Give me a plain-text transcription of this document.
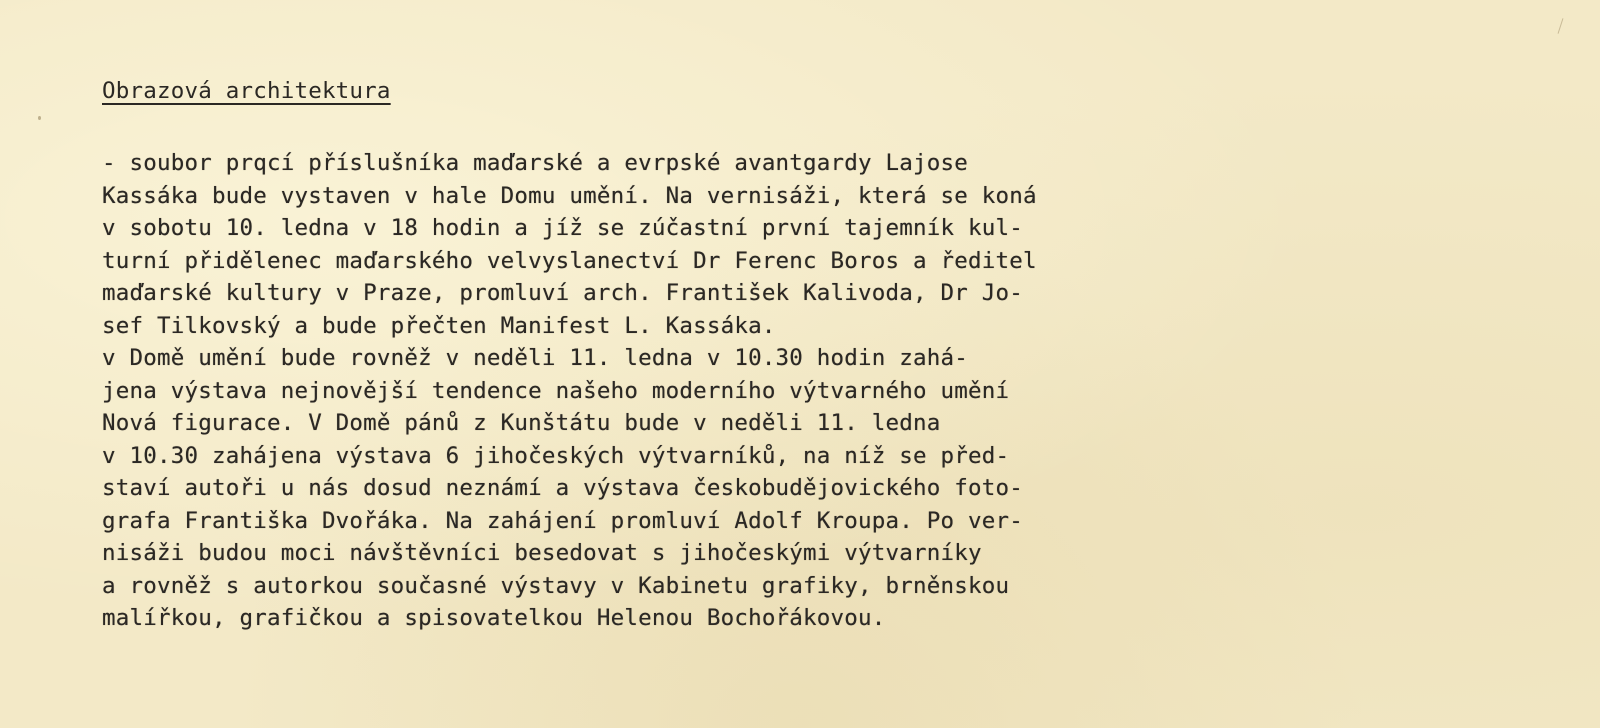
Obrazová architektura
- soubor prqcí příslušníka maďarské a evrpské avantgardy Lajose
Kassáka bude vystaven v hale Domu umění. Na vernisáži, která se koná
v sobotu 10. ledna v 18 hodin a jíž se zúčastní první tajemník kul-
turní přidělenec maďarského velvyslanectví Dr Ferenc Boros a ředitel
maďarské kultury v Praze, promluví arch. František Kalivoda, Dr Jo-
sef Tilkovský a bude přečten Manifest L. Kassáka.
v Domě umění bude rovněž v neděli 11. ledna v 10.30 hodin zahá-
jena výstava nejnovější tendence našeho moderního výtvarného umění
Nová figurace. V Domě pánů z Kunštátu bude v neděli 11. ledna
v 10.30 zahájena výstava 6 jihočeských výtvarníků, na níž se před-
staví autoři u nás dosud neznámí a výstava českobudějovického foto-
grafa Františka Dvořáka. Na zahájení promluví Adolf Kroupa. Po ver-
nisáži budou moci návštěvníci besedovat s jihočeskými výtvarníky
a rovněž s autorkou současné výstavy v Kabinetu grafiky, brněnskou
malířkou, grafičkou a spisovatelkou Helenou Bochořákovou.
